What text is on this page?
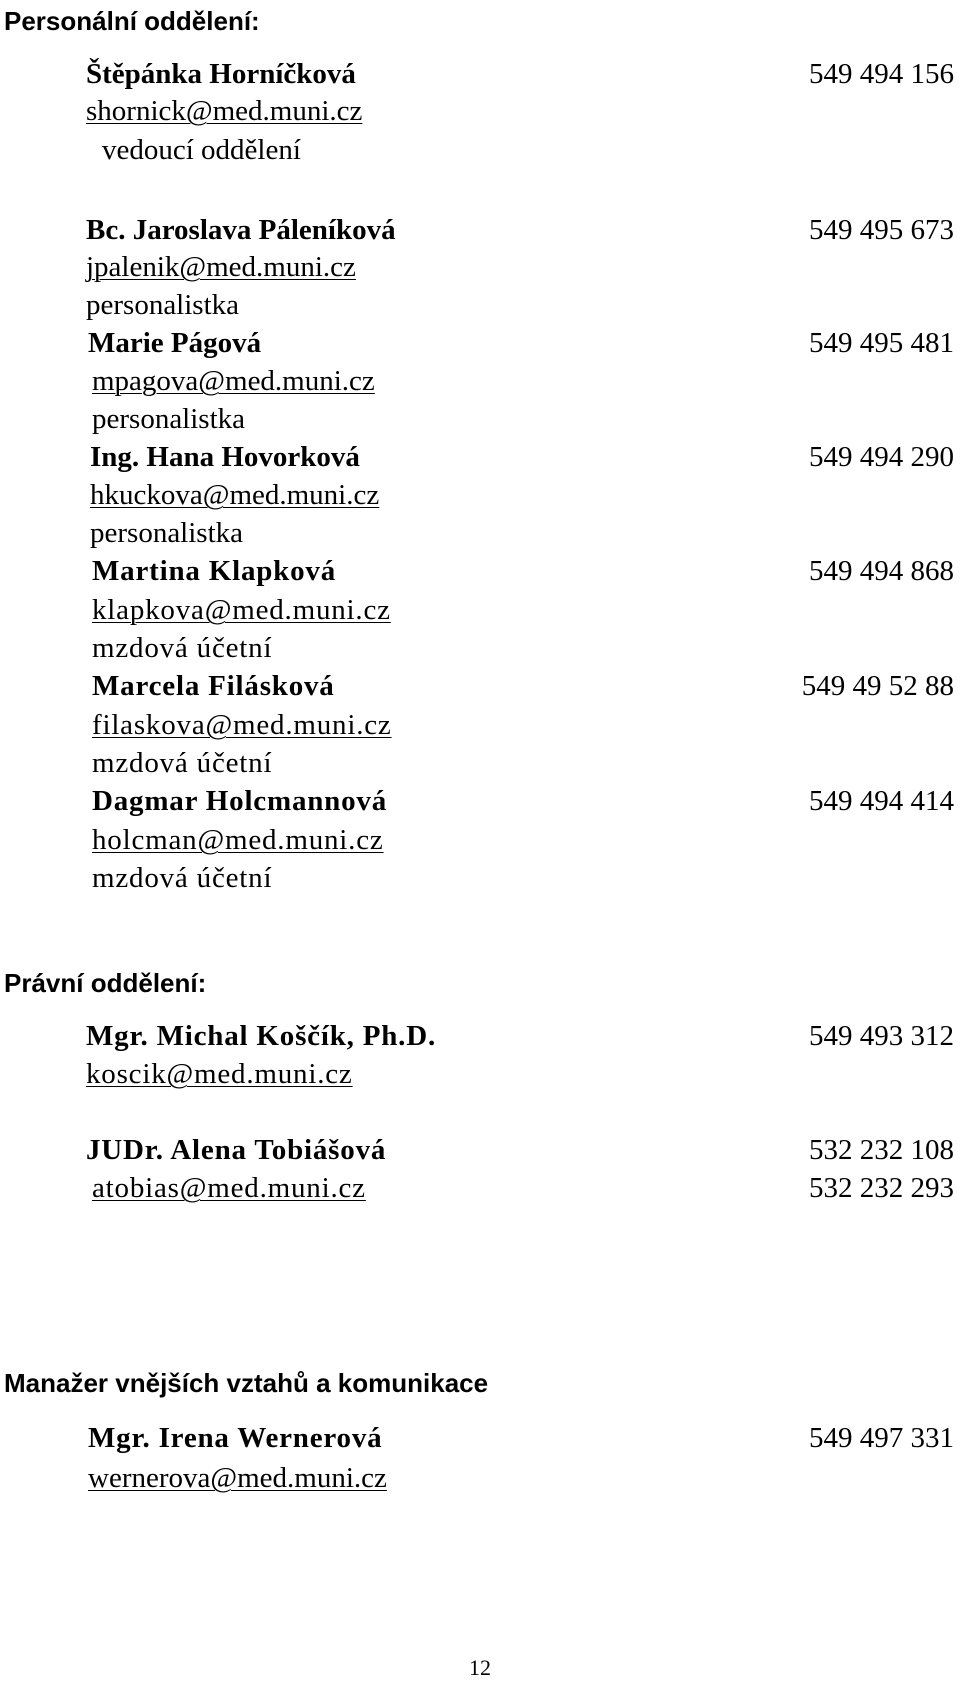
Personální oddělení:
Štěpánka Horníčková	549 494 156
shornick@med.muni.cz
vedoucí oddělení
Bc. Jaroslava Páleníková	549 495 673
jpalenik@med.muni.cz
personalistka
Marie Págová	549 495 481
mpagova@med.muni.cz
personalistka
Ing. Hana Hovorková	549 494 290
hkuckova@med.muni.cz
personalistka
Martina Klapková	549 494 868
klapkova@med.muni.cz
mzdová účetní
Marcela Filásková	549 49 52 88
filaskova@med.muni.cz
mzdová účetní
Dagmar Holcmannová	549 494 414
holcman@med.muni.cz
mzdová účetní
Právní oddělení:
Mgr. Michal Koščík, Ph.D.	549 493 312
koscik@med.muni.cz
JUDr. Alena Tobiášová	532 232 108
atobias@med.muni.cz	532 232 293
Manažer vnějších vztahů a komunikace
Mgr. Irena Wernerová	549 497 331
wernerova@med.muni.cz
12
